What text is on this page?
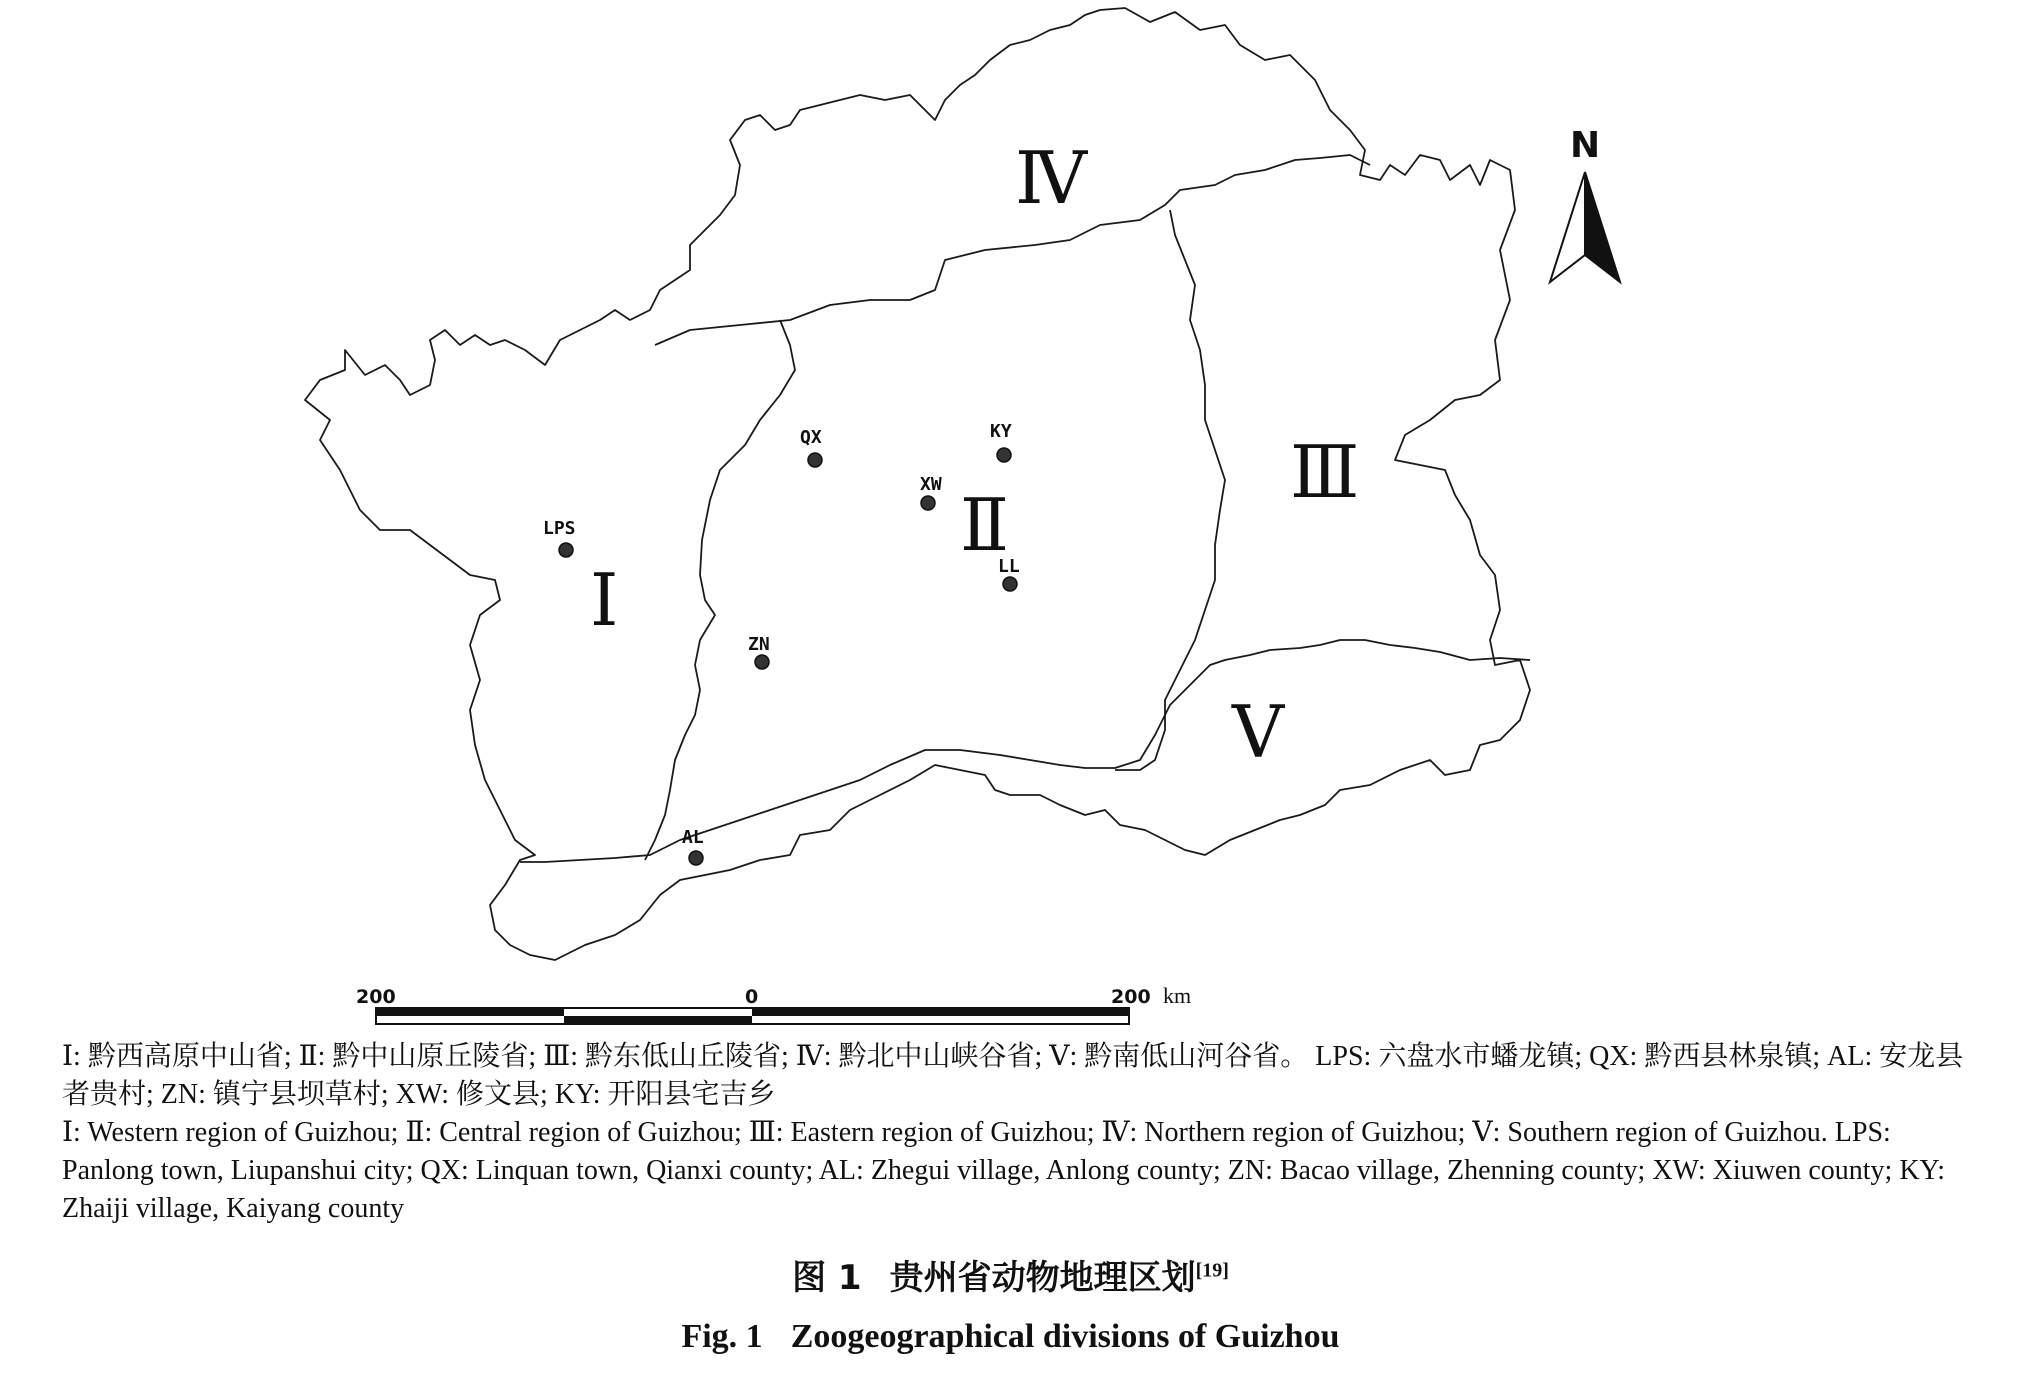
Ⅰ
Ⅱ
Ⅲ
Ⅳ
Ⅴ
QX	KY
XW
LPS
LL
ZN
AL
N
200	0	200 km

Ⅰ: 黔西高原中山省; Ⅱ: 黔中山原丘陵省; Ⅲ: 黔东低山丘陵省; Ⅳ: 黔北中山峡谷省; Ⅴ: 黔南低山河谷省。 LPS: 六盘水市蟠龙镇; QX: 黔西县林泉镇; AL: 安龙县者贵村; ZN: 镇宁县坝草村; XW: 修文县; KY: 开阳县宅吉乡

Ⅰ: Western region of Guizhou; Ⅱ: Central region of Guizhou; Ⅲ: Eastern region of Guizhou; Ⅳ: Northern region of Guizhou; Ⅴ: Southern region of Guizhou. LPS: Panlong town, Liupanshui city; QX: Linquan town, Qianxi county; AL: Zhegui village, Anlong county; ZN: Bacao village, Zhenning county; XW: Xiuwen county; KY: Zhaiji village, Kaiyang county

图 1 贵州省动物地理区划[19]
Fig. 1 Zoogeographical divisions of Guizhou
